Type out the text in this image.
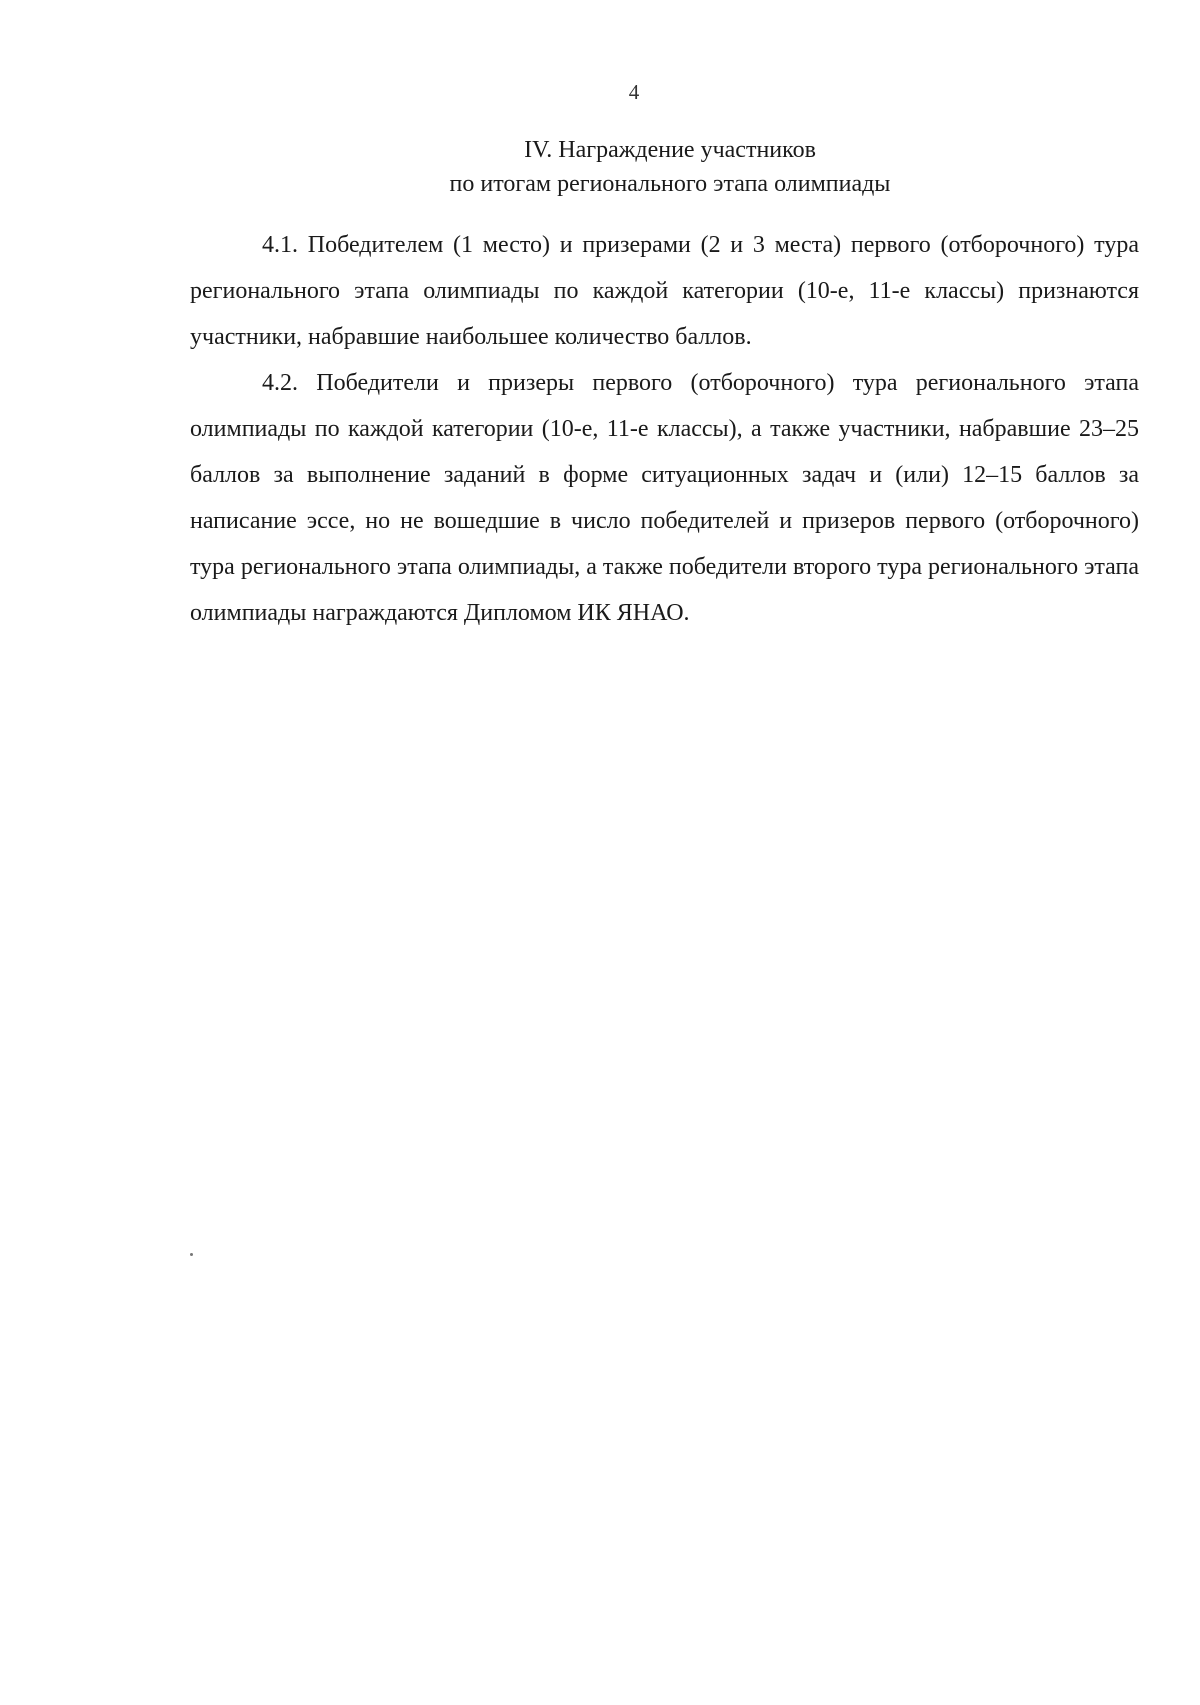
4
IV. Награждение участников
по итогам регионального этапа олимпиады

4.1. Победителем (1 место) и призерами (2 и 3 места) первого (отборочного) тура регионального этапа олимпиады по каждой категории (10-е, 11-е классы) признаются участники, набравшие наибольшее количество баллов.

4.2. Победители и призеры первого (отборочного) тура регионального этапа олимпиады по каждой категории (10-е, 11-е классы), а также участники, набравшие 23–25 баллов за выполнение заданий в форме ситуационных задач и (или) 12–15 баллов за написание эссе, но не вошедшие в число победителей и призеров первого (отборочного) тура регионального этапа олимпиады, а также победители второго тура регионального этапа олимпиады награждаются Дипломом ИК ЯНАО.
